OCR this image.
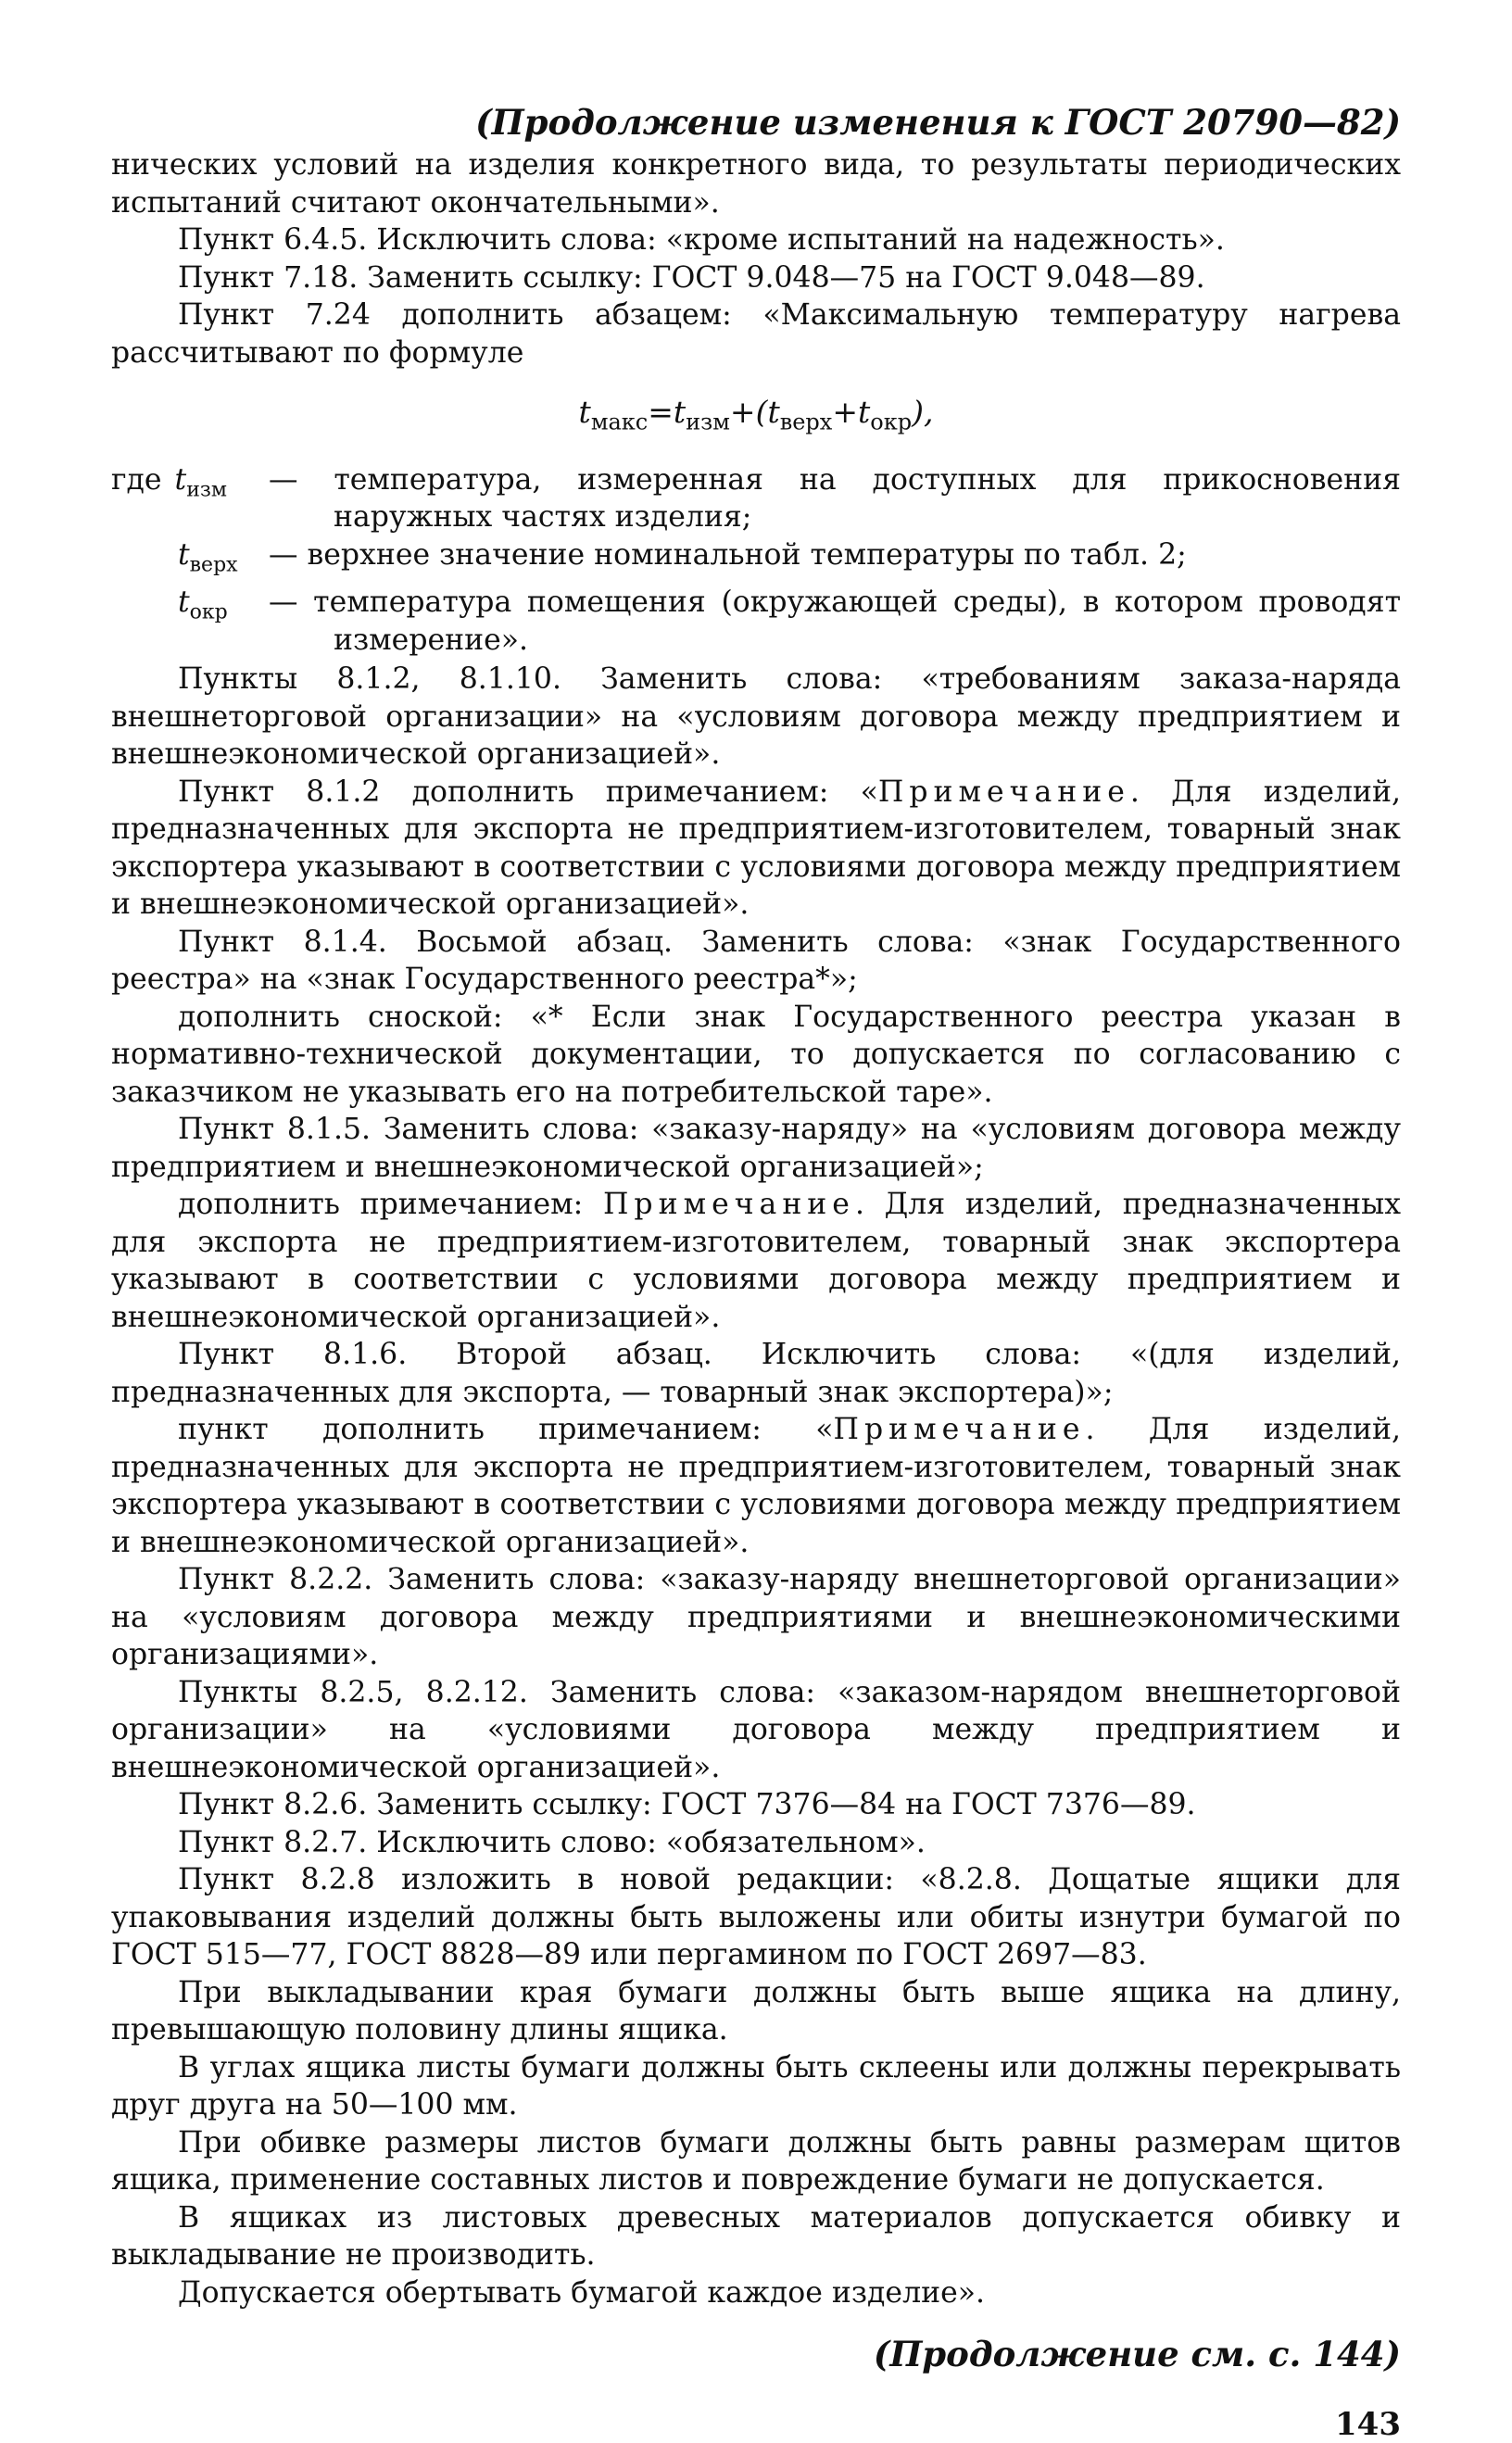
(Продолжение изменения к ГОСТ 20790—82)

нических условий на изделия конкретного вида, то результаты периодических испытаний считают окончательными».

Пункт 6.4.5. Исключить слова: «кроме испытаний на надежность».

Пункт 7.18. Заменить ссылку: ГОСТ 9.048—75 на ГОСТ 9.048—89.

Пункт 7.24 дополнить абзацем: «Максимальную температуру нагрева рассчитывают по формуле

$t_{макс}=t_{изм}+(t_{верх}+t_{окр})$,
где $t_{изм}$	— температура, измеренная на доступных для прикосновения наружных частях изделия;
$t_{верх}$	— верхнее значение номинальной температуры по табл. 2;
$t_{окр}$	— температура помещения (окружающей среды), в котором проводят измерение».

Пункты 8.1.2, 8.1.10. Заменить слова: «требованиям заказа-наряда внешнеторговой организации» на «условиям договора между предприятием и внешнеэкономической организацией».

Пункт 8.1.2 дополнить примечанием: «Примечание. Для изделий, предназначенных для экспорта не предприятием-изготовителем, товарный знак экспортера указывают в соответствии с условиями договора между предприятием и внешнеэкономической организацией».

Пункт 8.1.4. Восьмой абзац. Заменить слова: «знак Государственного реестра» на «знак Государственного реестра*»;

дополнить сноской: «* Если знак Государственного реестра указан в нормативно-технической документации, то допускается по согласованию с заказчиком не указывать его на потребительской таре».

Пункт 8.1.5. Заменить слова: «заказу-наряду» на «условиям договора между предприятием и внешнеэкономической организацией»;

дополнить примечанием: Примечание. Для изделий, предназначенных для экспорта не предприятием-изготовителем, товарный знак экспортера указывают в соответствии с условиями договора между предприятием и внешнеэкономической организацией».

Пункт 8.1.6. Второй абзац. Исключить слова: «(для изделий, предназначенных для экспорта, — товарный знак экспортера)»;

пункт дополнить примечанием: «Примечание. Для изделий, предназначенных для экспорта не предприятием-изготовителем, товарный знак экспортера указывают в соответствии с условиями договора между предприятием и внешнеэкономической организацией».

Пункт 8.2.2. Заменить слова: «заказу-наряду внешнеторговой организации» на «условиям договора между предприятиями и внешнеэкономическими организациями».

Пункты 8.2.5, 8.2.12. Заменить слова: «заказом-нарядом внешнеторговой организации» на «условиями договора между предприятием и внешнеэкономической организацией».

Пункт 8.2.6. Заменить ссылку: ГОСТ 7376—84 на ГОСТ 7376—89.

Пункт 8.2.7. Исключить слово: «обязательном».

Пункт 8.2.8 изложить в новой редакции: «8.2.8. Дощатые ящики для упаковывания изделий должны быть выложены или обиты изнутри бумагой по ГОСТ 515—77, ГОСТ 8828—89 или пергамином по ГОСТ 2697—83.

При выкладывании края бумаги должны быть выше ящика на длину, превышающую половину длины ящика.

В углах ящика листы бумаги должны быть склеены или должны перекрывать друг друга на 50—100 мм.

При обивке размеры листов бумаги должны быть равны размерам щитов ящика, применение составных листов и повреждение бумаги не допускается.

В ящиках из листовых древесных материалов допускается обивку и выкладывание не производить.

Допускается обертывать бумагой каждое изделие».

(Продолжение см. с. 144)
143
